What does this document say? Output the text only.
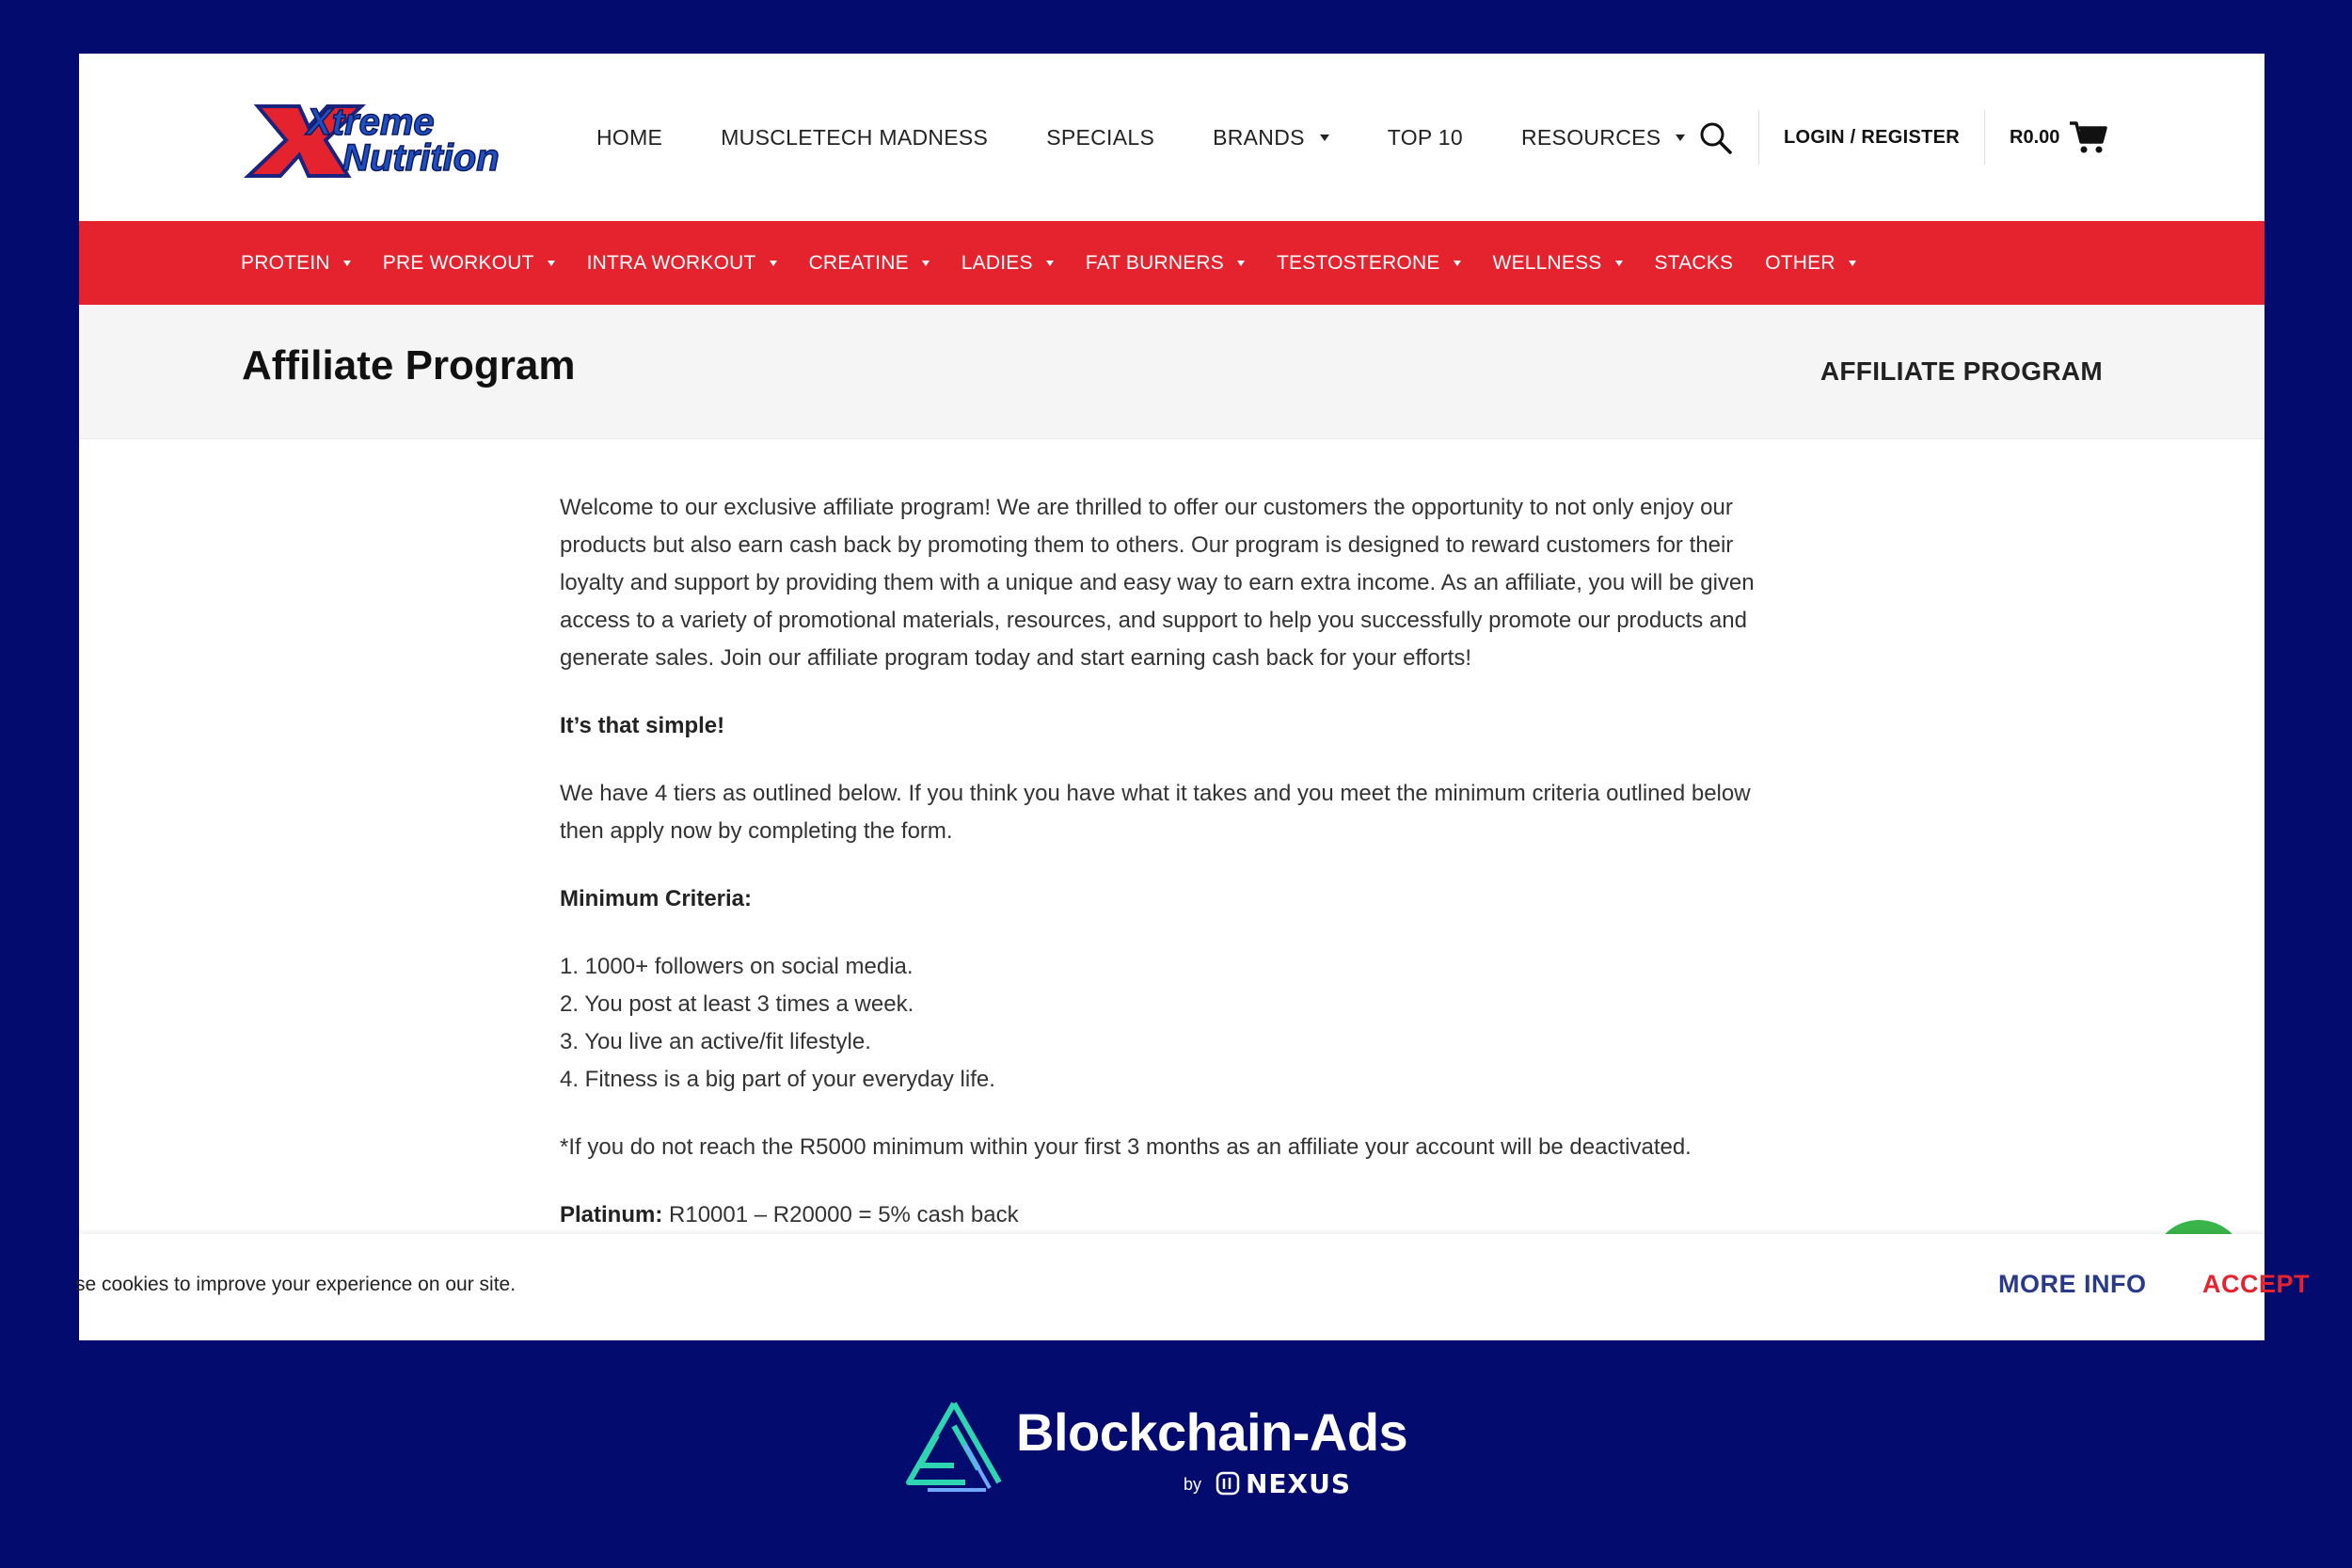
Xtreme
Nutrition
HOME	MUSCLETECH MADNESS	SPECIALS	BRANDS	TOP 10	RESOURCES	LOGIN / REGISTER	R0.00
PROTEIN	PRE WORKOUT	INTRA WORKOUT	CREATINE	LADIES	FAT BURNERS	TESTOSTERONE	WELLNESS	STACKS OTHER
Affiliate Program	AFFILIATE PROGRAM

Welcome to our exclusive affiliate program! We are thrilled to offer our customers the opportunity to not only enjoy our products but also earn cash back by promoting them to others. Our program is designed to reward customers for their loyalty and support by providing them with a unique and easy way to earn extra income. As an affiliate, you will be given access to a variety of promotional materials, resources, and support to help you successfully promote our products and generate sales. Join our affiliate program today and start earning cash back for your efforts!

It’s that simple!

We have 4 tiers as outlined below. If you think you have what it takes and you meet the minimum criteria outlined below then apply now by completing the form.

Minimum Criteria:

1. 1000+ followers on social media.
2. You post at least 3 times a week.
3. You live an active/fit lifestyle.
4. Fitness is a big part of your everyday life.

*If you do not reach the R5000 minimum within your first 3 months as an affiliate your account will be deactivated.

Platinum: R10001 – R20000 = 5% cash back

se cookies to improve your experience on our site.	MORE INFO ACCEPT
Blockchain-Ads
by NEXUS
